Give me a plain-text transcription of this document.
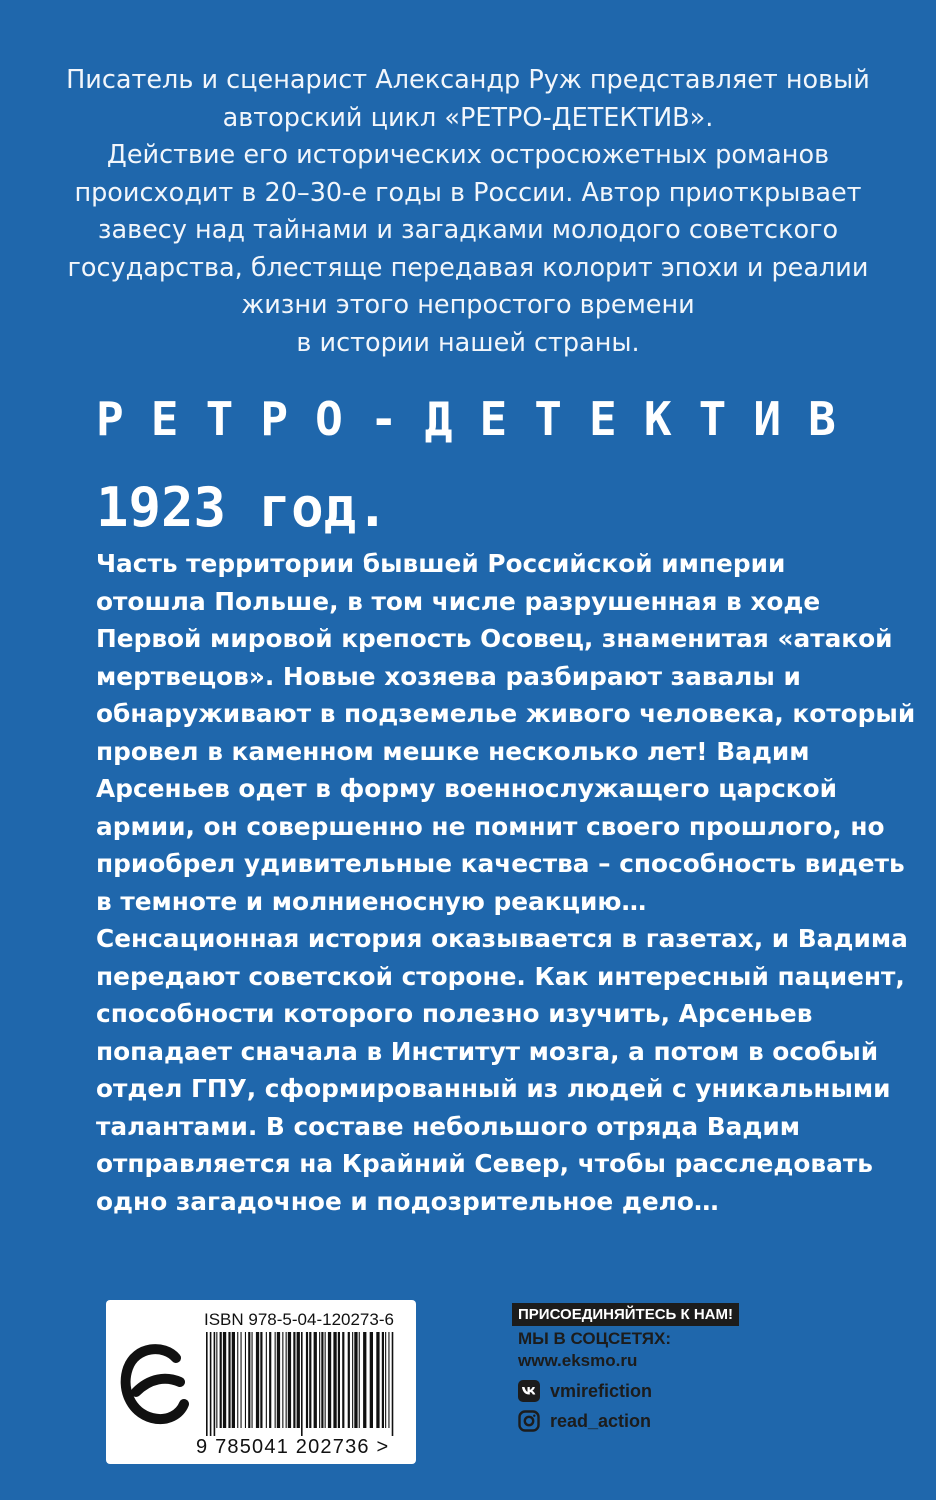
Писатель и сценарист Александр Руж представляет новый
авторский цикл «РЕТРО-ДЕТЕКТИВ».
Действие его исторических остросюжетных романов
происходит в 20–30-е годы в России. Автор приоткрывает
завесу над тайнами и загадками молодого советского
государства, блестяще передавая колорит эпохи и реалии
жизни этого непростого времени
в истории нашей страны.
Р Е Т Р О - Д Е Т Е К Т И В
1923 год.
Часть территории бывшей Российской империи
отошла Польше, в том числе разрушенная в ходе
Первой мировой крепость Осовец, знаменитая «атакой
мертвецов». Новые хозяева разбирают завалы и
обнаруживают в подземелье живого человека, который
провел в каменном мешке несколько лет! Вадим
Арсеньев одет в форму военнослужащего царской
армии, он совершенно не помнит своего прошлого, но
приобрел удивительные качества – способность видеть
в темноте и молниеносную реакцию…
Сенсационная история оказывается в газетах, и Вадима
передают советской стороне. Как интересный пациент,
способности которого полезно изучить, Арсеньев
попадает сначала в Институт мозга, а потом в особый
отдел ГПУ, сформированный из людей с уникальными
талантами. В составе небольшого отряда Вадим
отправляется на Крайний Север, чтобы расследовать
одно загадочное и подозрительное дело…
ISBN 978-5-04-120273-6
9 785041 202736 >
ПРИСОЕДИНЯЙТЕСЬ К НАМ!
МЫ В СОЦСЕТЯХ:
www.eksmo.ru
vmirefiction
read_action
